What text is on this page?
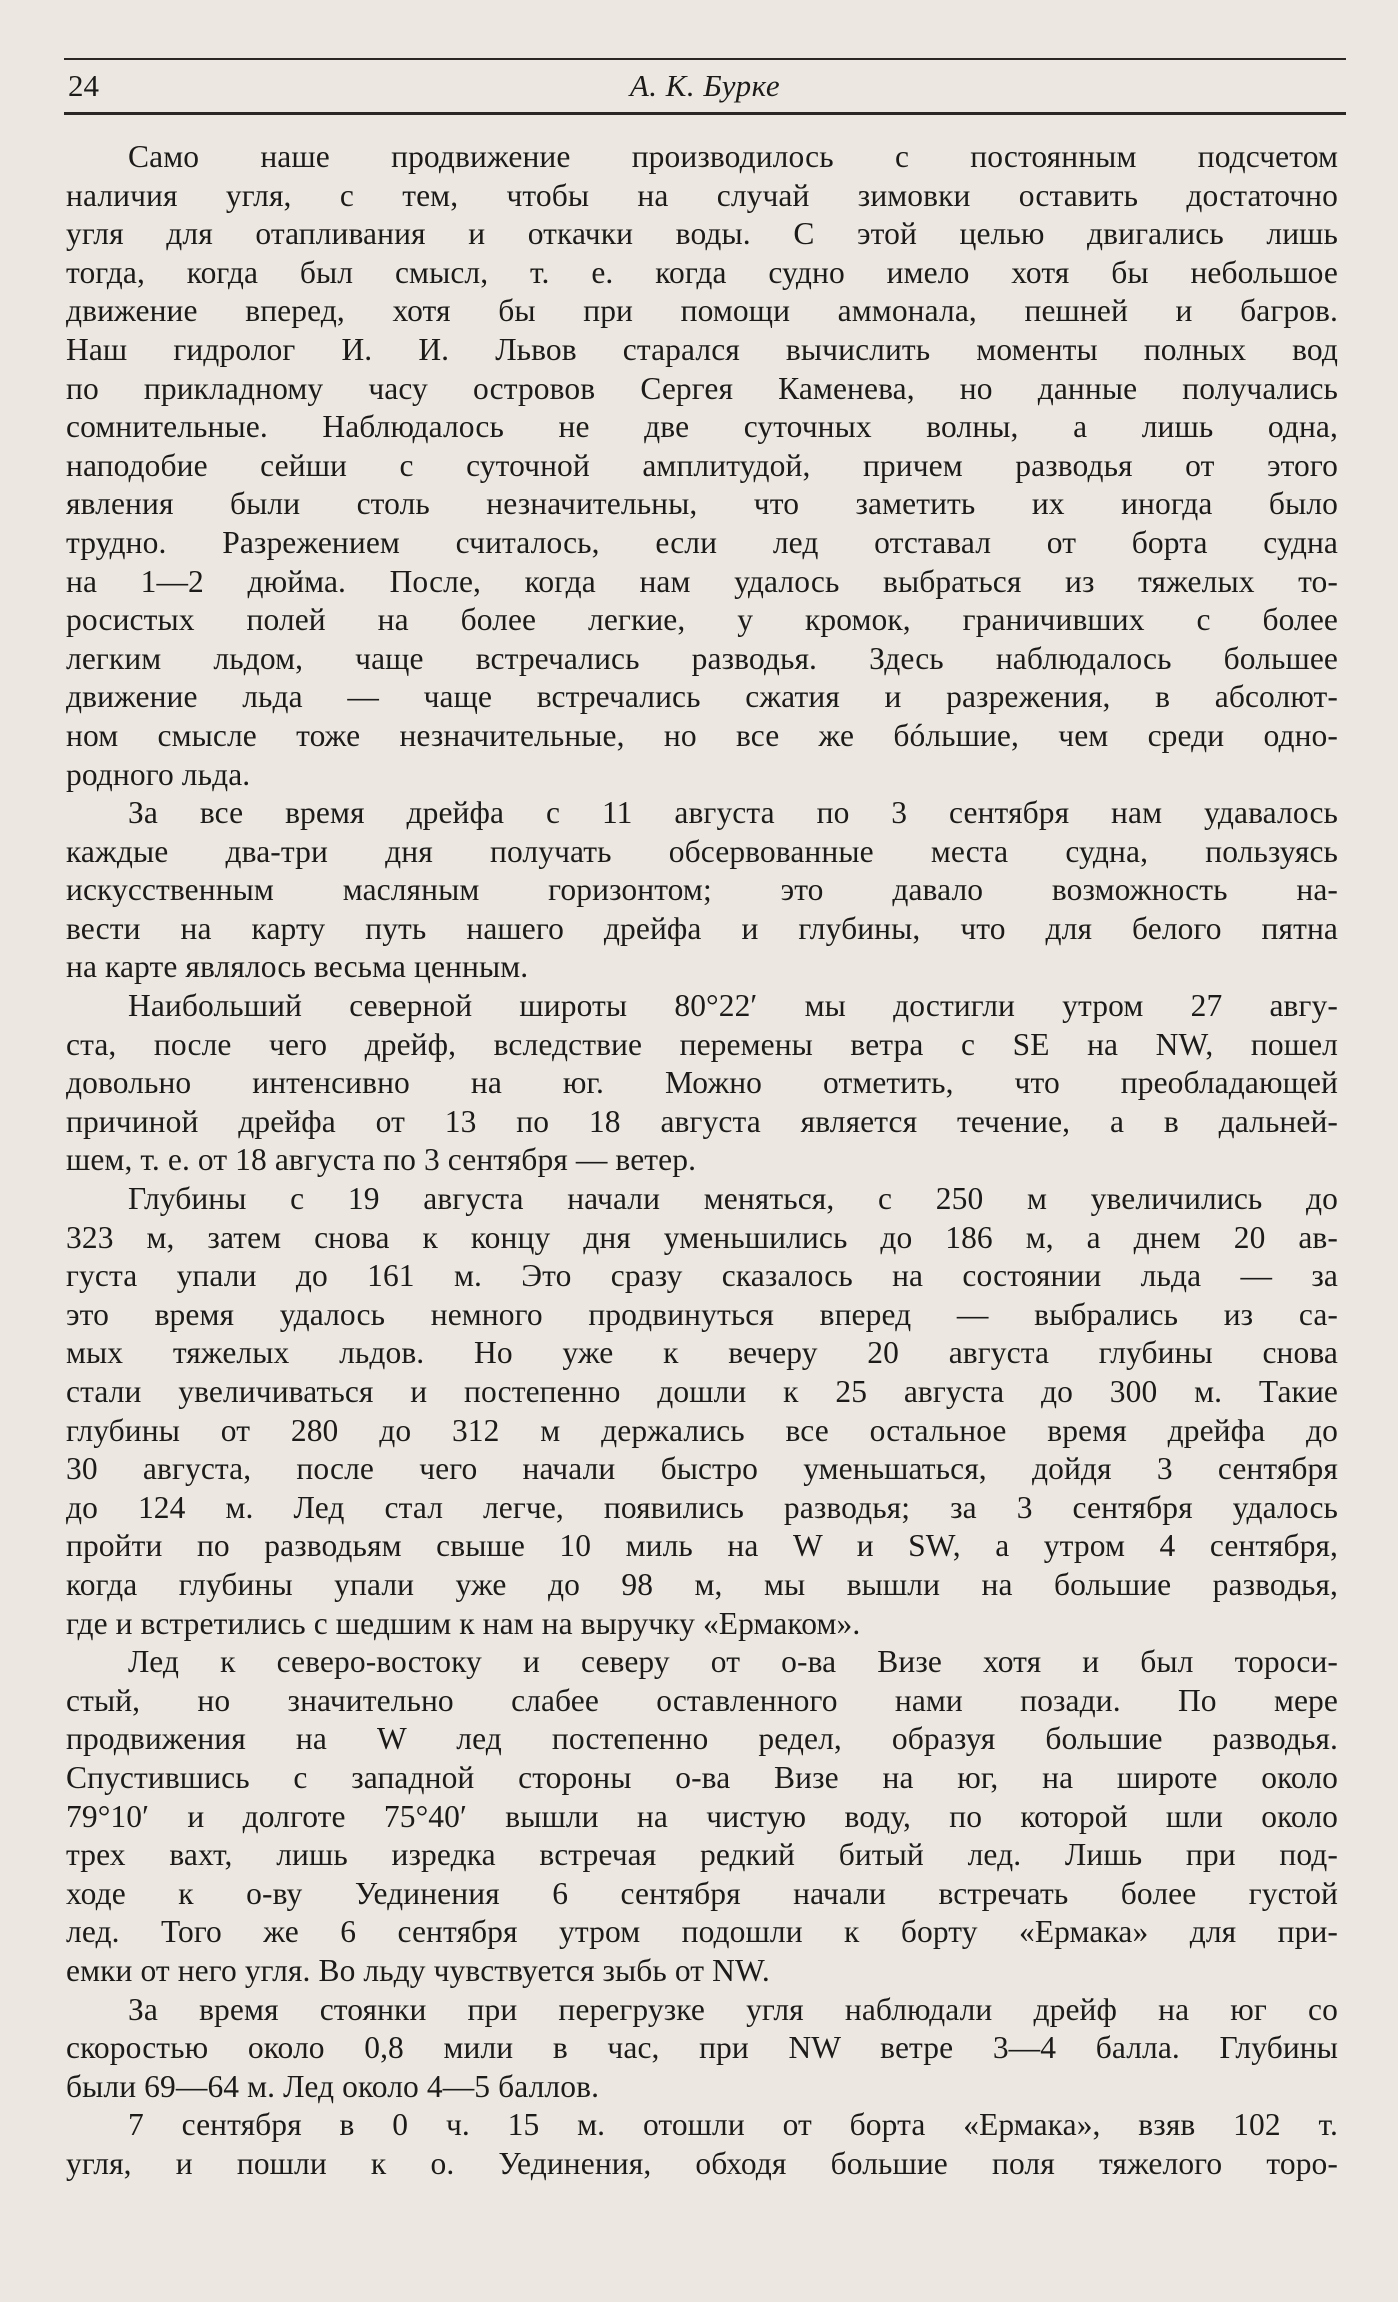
24	А. К. Бурке
Само наше продвижение производилось с постоянным подсчетом
наличия угля, с тем, чтобы на случай зимовки оставить достаточно
угля для отапливания и откачки воды. С этой целью двигались лишь
тогда, когда был смысл, т. е. когда судно имело хотя бы небольшое
движение вперед, хотя бы при помощи аммонала, пешней и багров.
Наш гидролог И. И. Львов старался вычислить моменты полных вод
по прикладному часу островов Сергея Каменева, но данные получались
сомнительные. Наблюдалось не две суточных волны, а лишь одна,
наподобие сейши с суточной амплитудой, причем разводья от этого
явления были столь незначительны, что заметить их иногда было
трудно. Разрежением считалось, если лед отставал от борта судна
на 1—2 дюйма. После, когда нам удалось выбраться из тяжелых то-
росистых полей на более легкие, у кромок, граничивших с более
легким льдом, чаще встречались разводья. Здесь наблюдалось большее
движение льда — чаще встречались сжатия и разрежения, в абсолют-
ном смысле тоже незначительные, но все же бóльшие, чем среди одно-
родного льда.
За все время дрейфа с 11 августа по 3 сентября нам удавалось
каждые два-три дня получать обсервованные места судна, пользуясь
искусственным масляным горизонтом; это давало возможность на-
вести на карту путь нашего дрейфа и глубины, что для белого пятна
на карте являлось весьма ценным.
Наибольший северной широты 80°22′ мы достигли утром 27 авгу-
ста, после чего дрейф, вследствие перемены ветра с SE на NW, пошел
довольно интенсивно на юг. Можно отметить, что преобладающей
причиной дрейфа от 13 по 18 августа является течение, а в дальней-
шем, т. е. от 18 августа по 3 сентября — ветер.
Глубины с 19 августа начали меняться, с 250 м увеличились до
323 м, затем снова к концу дня уменьшились до 186 м, а днем 20 ав-
густа упали до 161 м. Это сразу сказалось на состоянии льда — за
это время удалось немного продвинуться вперед — выбрались из са-
мых тяжелых льдов. Но уже к вечеру 20 августа глубины снова
стали увеличиваться и постепенно дошли к 25 августа до 300 м. Такие
глубины от 280 до 312 м держались все остальное время дрейфа до
30 августа, после чего начали быстро уменьшаться, дойдя 3 сентября
до 124 м. Лед стал легче, появились разводья; за 3 сентября удалось
пройти по разводьям свыше 10 миль на W и SW, а утром 4 сентября,
когда глубины упали уже до 98 м, мы вышли на большие разводья,
где и встретились с шедшим к нам на выручку «Ермаком».
Лед к северо-востоку и северу от о-ва Визе хотя и был тороси-
стый, но значительно слабее оставленного нами позади. По мере
продвижения на W лед постепенно редел, образуя большие разводья.
Спустившись с западной стороны о-ва Визе на юг, на широте около
79°10′ и долготе 75°40′ вышли на чистую воду, по которой шли около
трех вахт, лишь изредка встречая редкий битый лед. Лишь при под-
ходе к о-ву Уединения 6 сентября начали встречать более густой
лед. Того же 6 сентября утром подошли к борту «Ермака» для при-
емки от него угля. Во льду чувствуется зыбь от NW.
За время стоянки при перегрузке угля наблюдали дрейф на юг со
скоростью около 0,8 мили в час, при NW ветре 3—4 балла. Глубины
были 69—64 м. Лед около 4—5 баллов.
7 сентября в 0 ч. 15 м. отошли от борта «Ермака», взяв 102 т.
угля, и пошли к о. Уединения, обходя большие поля тяжелого торо-
